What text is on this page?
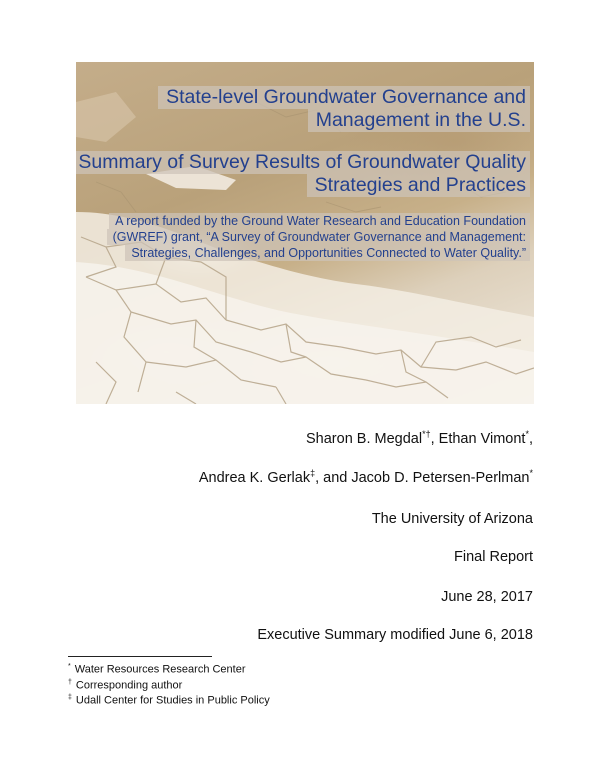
State-level Groundwater Governance and
Management in the U.S.
Summary of Survey Results of Groundwater Quality
Strategies and Practices
A report funded by the Ground Water Research and Education Foundation
(GWREF) grant, “A Survey of Groundwater Governance and Management:
Strategies, Challenges, and Opportunities Connected to Water Quality.”
Sharon B. Megdal*†, Ethan Vimont*,
Andrea K. Gerlak‡, and Jacob D. Petersen-Perlman*
The University of Arizona
Final Report
June 28, 2017
Executive Summary modified June 6, 2018
* Water Resources Research Center
† Corresponding author
‡ Udall Center for Studies in Public Policy
